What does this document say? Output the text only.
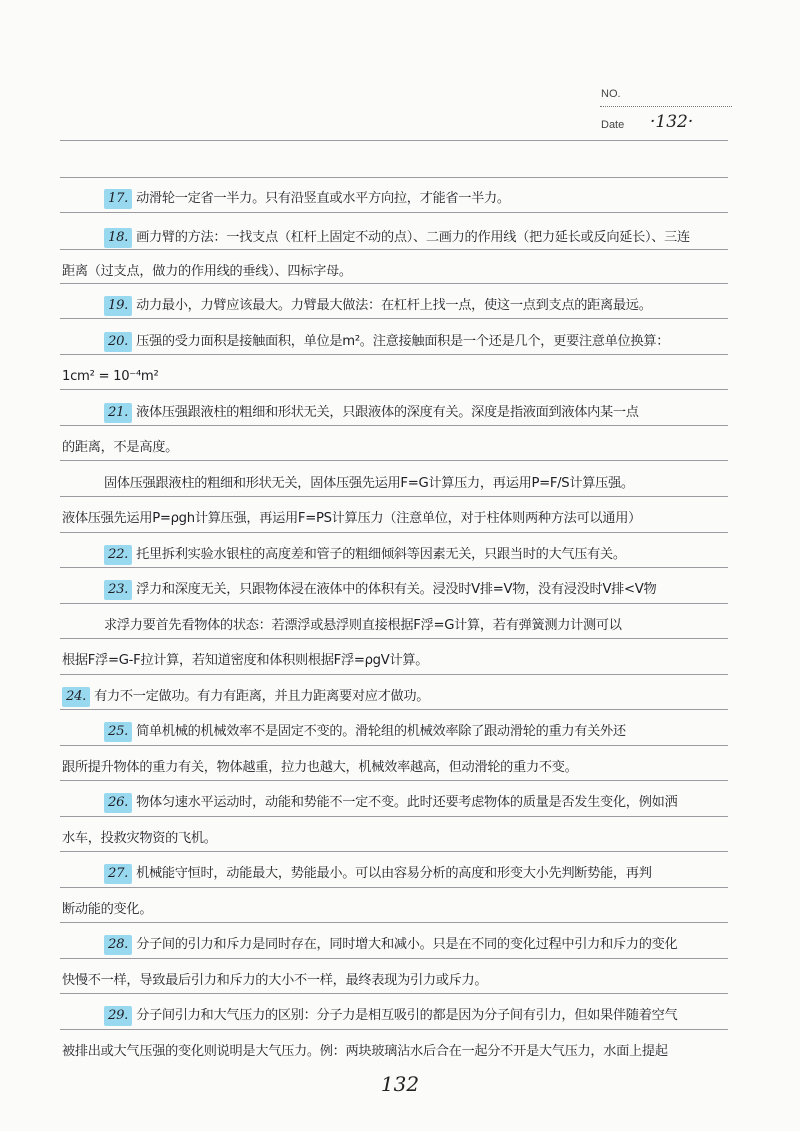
NO.
Date ·132·
17. 动滑轮一定省一半力。只有沿竖直或水平方向拉，才能省一半力。
18. 画力臂的方法：一找支点（杠杆上固定不动的点）、二画力的作用线（把力延长或反向延长）、三连
距离（过支点，做力的作用线的垂线）、四标字母。
19. 动力最小，力臂应该最大。力臂最大做法：在杠杆上找一点，使这一点到支点的距离最远。
20. 压强的受力面积是接触面积，单位是m²。注意接触面积是一个还是几个，更要注意单位换算：
1cm² = 10⁻⁴m²
21. 液体压强跟液柱的粗细和形状无关，只跟液体的深度有关。深度是指液面到液体内某一点
的距离，不是高度。
固体压强跟液柱的粗细和形状无关，固体压强先运用F=G计算压力，再运用P=F/S计算压强。
液体压强先运用P=ρgh计算压强，再运用F=PS计算压力（注意单位，对于柱体则两种方法可以通用）
22. 托里拆利实验水银柱的高度差和管子的粗细倾斜等因素无关，只跟当时的大气压有关。
23. 浮力和深度无关，只跟物体浸在液体中的体积有关。浸没时V排=V物，没有浸没时V排<V物
求浮力要首先看物体的状态：若漂浮或悬浮则直接根据F浮=G计算，若有弹簧测力计测可以
根据F浮=G-F拉计算，若知道密度和体积则根据F浮=ρgV计算。
24. 有力不一定做功。有力有距离，并且力距离要对应才做功。
25. 简单机械的机械效率不是固定不变的。滑轮组的机械效率除了跟动滑轮的重力有关外还
跟所提升物体的重力有关，物体越重，拉力也越大，机械效率越高，但动滑轮的重力不变。
26. 物体匀速水平运动时，动能和势能不一定不变。此时还要考虑物体的质量是否发生变化，例如洒
水车，投救灾物资的飞机。
27. 机械能守恒时，动能最大，势能最小。可以由容易分析的高度和形变大小先判断势能，再判
断动能的变化。
28. 分子间的引力和斥力是同时存在，同时增大和减小。只是在不同的变化过程中引力和斥力的变化
快慢不一样，导致最后引力和斥力的大小不一样，最终表现为引力或斥力。
29. 分子间引力和大气压力的区别：分子力是相互吸引的都是因为分子间有引力，但如果伴随着空气
被排出或大气压强的变化则说明是大气压力。例：两块玻璃沾水后合在一起分不开是大气压力，水面上提起
132
